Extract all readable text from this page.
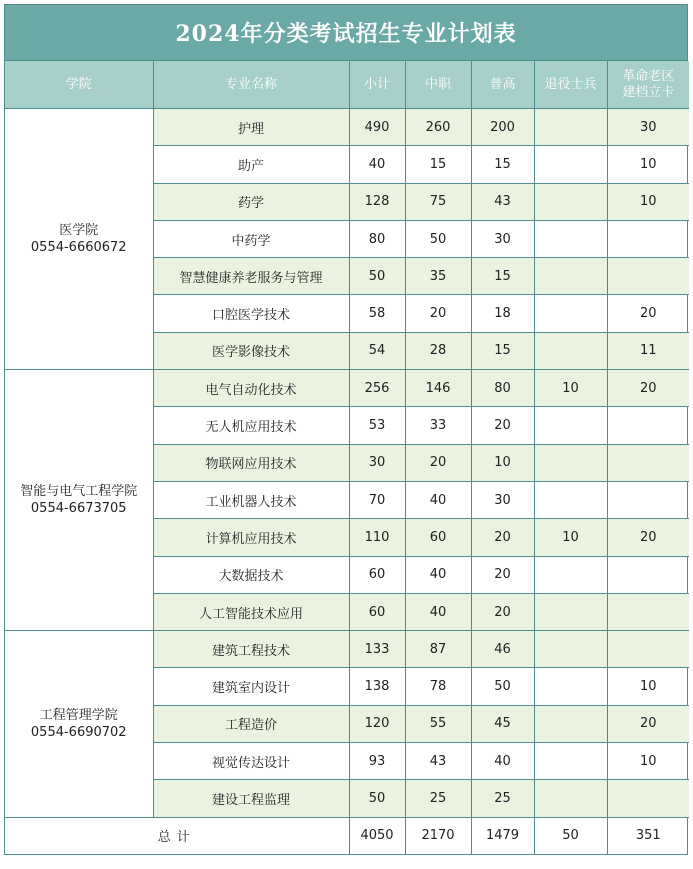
2024年分类考试招生专业计划表
学院	专业名称	小计	中职	普高	退役士兵	革命老区建档立卡

医学院
0554-6660672	护理	490	260	200		30
	助产	40	15	15		10
	药学	128	75	43		10
	中药学	80	50	30		
	智慧健康养老服务与管理	50	35	15		
	口腔医学技术	58	20	18		20
	医学影像技术	54	28	15		11

智能与电气工程学院
0554-6673705	电气自动化技术	256	146	80	10	20
	无人机应用技术	53	33	20		
	物联网应用技术	30	20	10		
	工业机器人技术	70	40	30		
	计算机应用技术	110	60	20	10	20
	大数据技术	60	40	20		
	人工智能技术应用	60	40	20		

工程管理学院
0554-6690702	建筑工程技术	133	87	46		
	建筑室内设计	138	78	50		10
	工程造价	120	55	45		20
	视觉传达设计	93	43	40		10
	建设工程监理	50	25	25		
总计		4050	2170	1479	50	351
